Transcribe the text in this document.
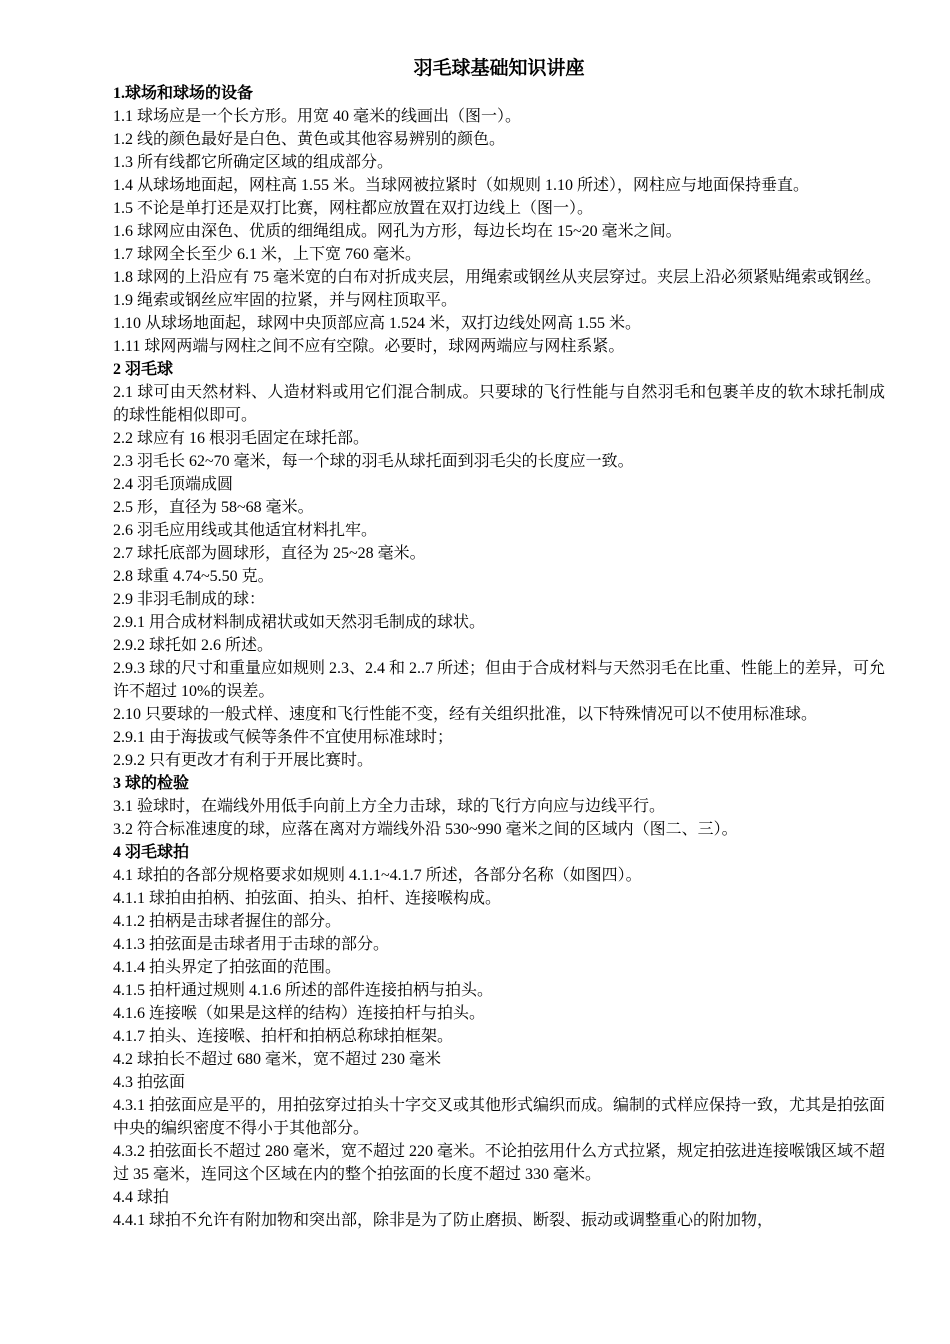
羽毛球基础知识讲座

1.球场和球场的设备

1.1 球场应是一个长方形。用宽 40 毫米的线画出（图一）。

1.2 线的颜色最好是白色、黄色或其他容易辨别的颜色。

1.3 所有线都它所确定区域的组成部分。

1.4 从球场地面起，网柱高 1.55 米。当球网被拉紧时（如规则 1.10 所述），网柱应与地面保持垂直。

1.5 不论是单打还是双打比赛，网柱都应放置在双打边线上（图一）。

1.6 球网应由深色、优质的细绳组成。网孔为方形，每边长均在 15~20 毫米之间。

1.7 球网全长至少 6.1 米，上下宽 760 毫米。

1.8 球网的上沿应有 75 毫米宽的白布对折成夹层，用绳索或钢丝从夹层穿过。夹层上沿必须紧贴绳索或钢丝。

1.9 绳索或钢丝应牢固的拉紧，并与网柱顶取平。

1.10 从球场地面起，球网中央顶部应高 1.524 米，双打边线处网高 1.55 米。

1.11 球网两端与网柱之间不应有空隙。必要时，球网两端应与网柱系紧。

2 羽毛球

2.1 球可由天然材料、人造材料或用它们混合制成。只要球的飞行性能与自然羽毛和包裹羊皮的软木球托制成的球性能相似即可。

2.2 球应有 16 根羽毛固定在球托部。

2.3 羽毛长 62~70 毫米，每一个球的羽毛从球托面到羽毛尖的长度应一致。

2.4 羽毛顶端成圆

2.5 形，直径为 58~68 毫米。

2.6 羽毛应用线或其他适宜材料扎牢。

2.7 球托底部为圆球形，直径为 25~28 毫米。

2.8 球重 4.74~5.50 克。

2.9 非羽毛制成的球：

2.9.1 用合成材料制成裙状或如天然羽毛制成的球状。

2.9.2 球托如 2.6 所述。

2.9.3 球的尺寸和重量应如规则 2.3、2.4 和 2..7 所述；但由于合成材料与天然羽毛在比重、性能上的差异，可允许不超过 10%的误差。

2.10 只要球的一般式样、速度和飞行性能不变，经有关组织批准，以下特殊情况可以不使用标准球。

2.9.1 由于海拔或气候等条件不宜使用标准球时；

2.9.2 只有更改才有利于开展比赛时。

3 球的检验

3.1 验球时，在端线外用低手向前上方全力击球，球的飞行方向应与边线平行。

3.2 符合标准速度的球，应落在离对方端线外沿 530~990 毫米之间的区域内（图二、三）。

4 羽毛球拍

4.1 球拍的各部分规格要求如规则 4.1.1~4.1.7 所述，各部分名称（如图四）。

4.1.1 球拍由拍柄、拍弦面、拍头、拍杆、连接喉构成。

4.1.2 拍柄是击球者握住的部分。

4.1.3 拍弦面是击球者用于击球的部分。

4.1.4 拍头界定了拍弦面的范围。

4.1.5 拍杆通过规则 4.1.6 所述的部件连接拍柄与拍头。

4.1.6 连接喉（如果是这样的结构）连接拍杆与拍头。

4.1.7 拍头、连接喉、拍杆和拍柄总称球拍框架。

4.2 球拍长不超过 680 毫米，宽不超过 230 毫米

4.3 拍弦面

4.3.1 拍弦面应是平的，用拍弦穿过拍头十字交叉或其他形式编织而成。编制的式样应保持一致，尤其是拍弦面中央的编织密度不得小于其他部分。

4.3.2 拍弦面长不超过 280 毫米，宽不超过 220 毫米。不论拍弦用什么方式拉紧，规定拍弦进连接喉饿区域不超过 35 毫米，连同这个区域在内的整个拍弦面的长度不超过 330 毫米。

4.4 球拍

4.4.1 球拍不允许有附加物和突出部，除非是为了防止磨损、断裂、振动或调整重心的附加物，
